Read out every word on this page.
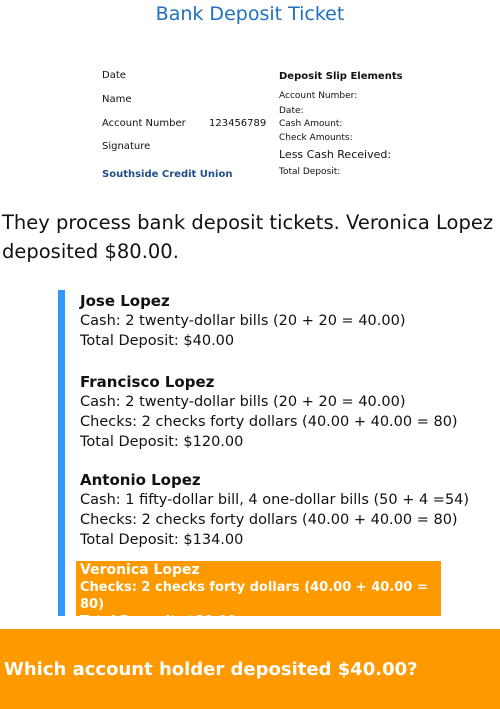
Bank Deposit Ticket
Date
Name
Account Number 123456789
Signature
Southside Credit Union
Deposit Slip Elements
Account Number:
Date:
Cash Amount:
Check Amounts:
Less Cash Received:
Total Deposit:
They process bank deposit tickets. Veronica Lopez deposited $80.00.
Jose Lopez
Cash: 2 twenty-dollar bills (20 + 20 = 40.00)
Total Deposit: $40.00
Francisco Lopez
Cash: 2 twenty-dollar bills (20 + 20 = 40.00)
Checks: 2 checks forty dollars (40.00 + 40.00 = 80)
Total Deposit: $120.00
Antonio Lopez
Cash: 1 fifty-dollar bill, 4 one-dollar bills (50 + 4 =54)
Checks: 2 checks forty dollars (40.00 + 40.00 = 80)
Total Deposit: $134.00
Veronica Lopez
Checks: 2 checks forty dollars (40.00 + 40.00 = 80)
Total Deposit: $80.00
Which account holder deposited $40.00?
